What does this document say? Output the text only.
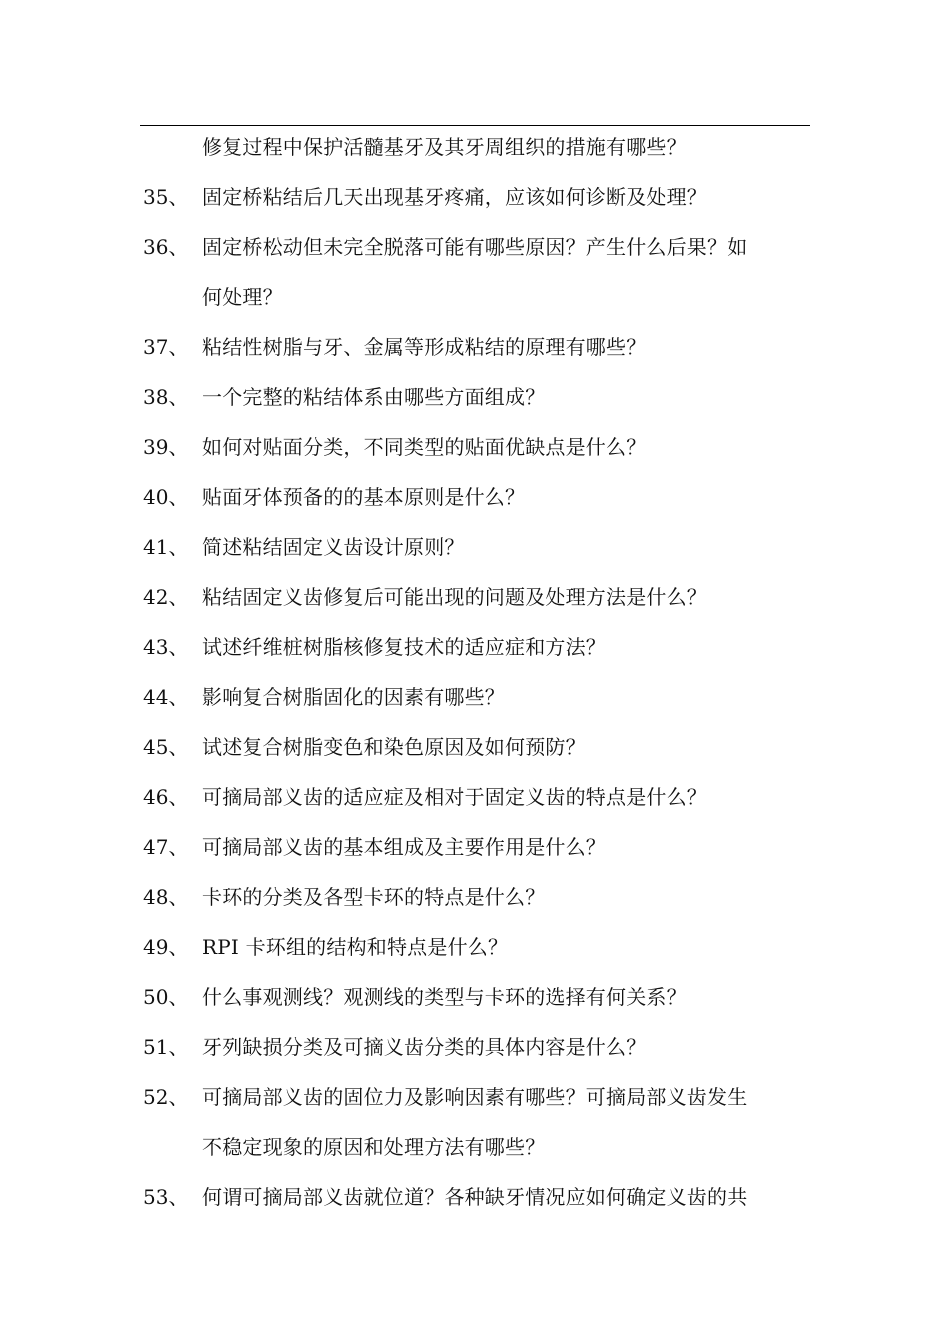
修复过程中保护活髓基牙及其牙周组织的措施有哪些？
35、 固定桥粘结后几天出现基牙疼痛，应该如何诊断及处理？
36、 固定桥松动但未完全脱落可能有哪些原因？产生什么后果？如
何处理？
37、 粘结性树脂与牙、金属等形成粘结的原理有哪些？
38、 一个完整的粘结体系由哪些方面组成？
39、 如何对贴面分类，不同类型的贴面优缺点是什么？
40、 贴面牙体预备的的基本原则是什么？
41、 简述粘结固定义齿设计原则？
42、 粘结固定义齿修复后可能出现的问题及处理方法是什么？
43、 试述纤维桩树脂核修复技术的适应症和方法？
44、 影响复合树脂固化的因素有哪些？
45、 试述复合树脂变色和染色原因及如何预防？
46、 可摘局部义齿的适应症及相对于固定义齿的特点是什么？
47、 可摘局部义齿的基本组成及主要作用是什么？
48、 卡环的分类及各型卡环的特点是什么？
49、 RPI 卡环组的结构和特点是什么？
50、 什么事观测线？观测线的类型与卡环的选择有何关系？
51、 牙列缺损分类及可摘义齿分类的具体内容是什么？
52、 可摘局部义齿的固位力及影响因素有哪些？可摘局部义齿发生
不稳定现象的原因和处理方法有哪些？
53、 何谓可摘局部义齿就位道？各种缺牙情况应如何确定义齿的共
